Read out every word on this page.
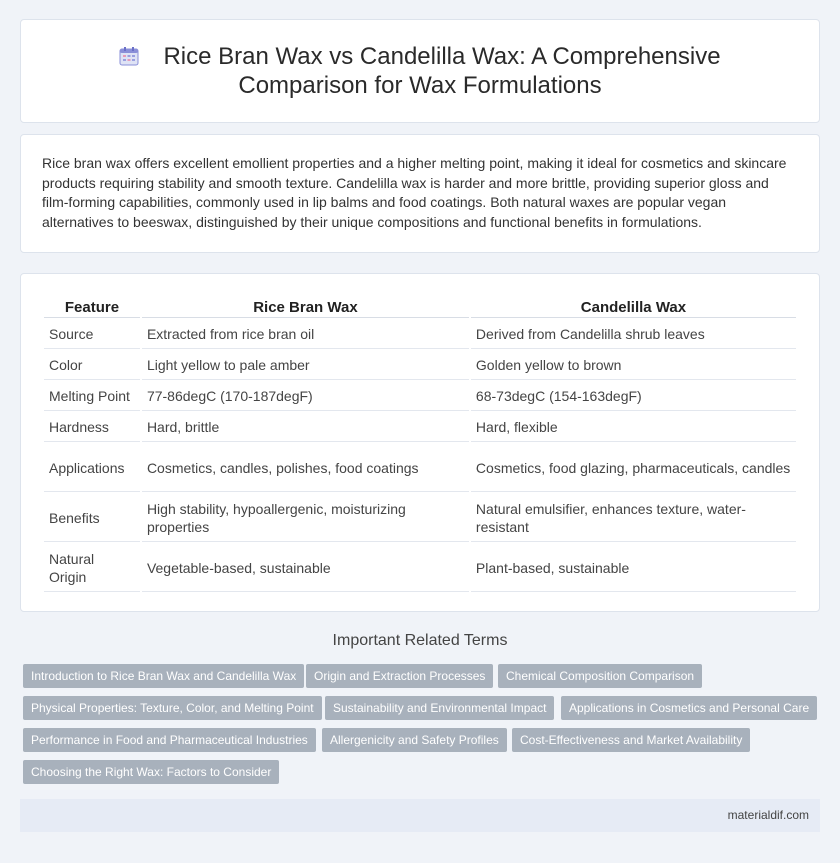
Rice Bran Wax vs Candelilla Wax: A Comprehensive Comparison for Wax Formulations

Rice bran wax offers excellent emollient properties and a higher melting point, making it ideal for cosmetics and skincare products requiring stability and smooth texture. Candelilla wax is harder and more brittle, providing superior gloss and film-forming capabilities, commonly used in lip balms and food coatings. Both natural waxes are popular vegan alternatives to beeswax, distinguished by their unique compositions and functional benefits in formulations.

Feature	Rice Bran Wax	Candelilla Wax
Source	Extracted from rice bran oil	Derived from Candelilla shrub leaves
Color	Light yellow to pale amber	Golden yellow to brown
Melting Point	77-86degC (170-187degF)	68-73degC (154-163degF)
Hardness	Hard, brittle	Hard, flexible
Applications	Cosmetics, candles, polishes, food coatings	Cosmetics, food glazing, pharmaceuticals, candles
Benefits	High stability, hypoallergenic, moisturizing properties	Natural emulsifier, enhances texture, water-resistant
Natural Origin	Vegetable-based, sustainable	Plant-based, sustainable
Important Related Terms
Introduction to Rice Bran Wax and Candelilla Wax	Origin and Extraction Processes	Chemical Composition Comparison
Physical Properties: Texture, Color, and Melting Point	Sustainability and Environmental Impact	Applications in Cosmetics and Personal Care
Performance in Food and Pharmaceutical Industries	Allergenicity and Safety Profiles	Cost-Effectiveness and Market Availability
Choosing the Right Wax: Factors to Consider
materialdif.com
